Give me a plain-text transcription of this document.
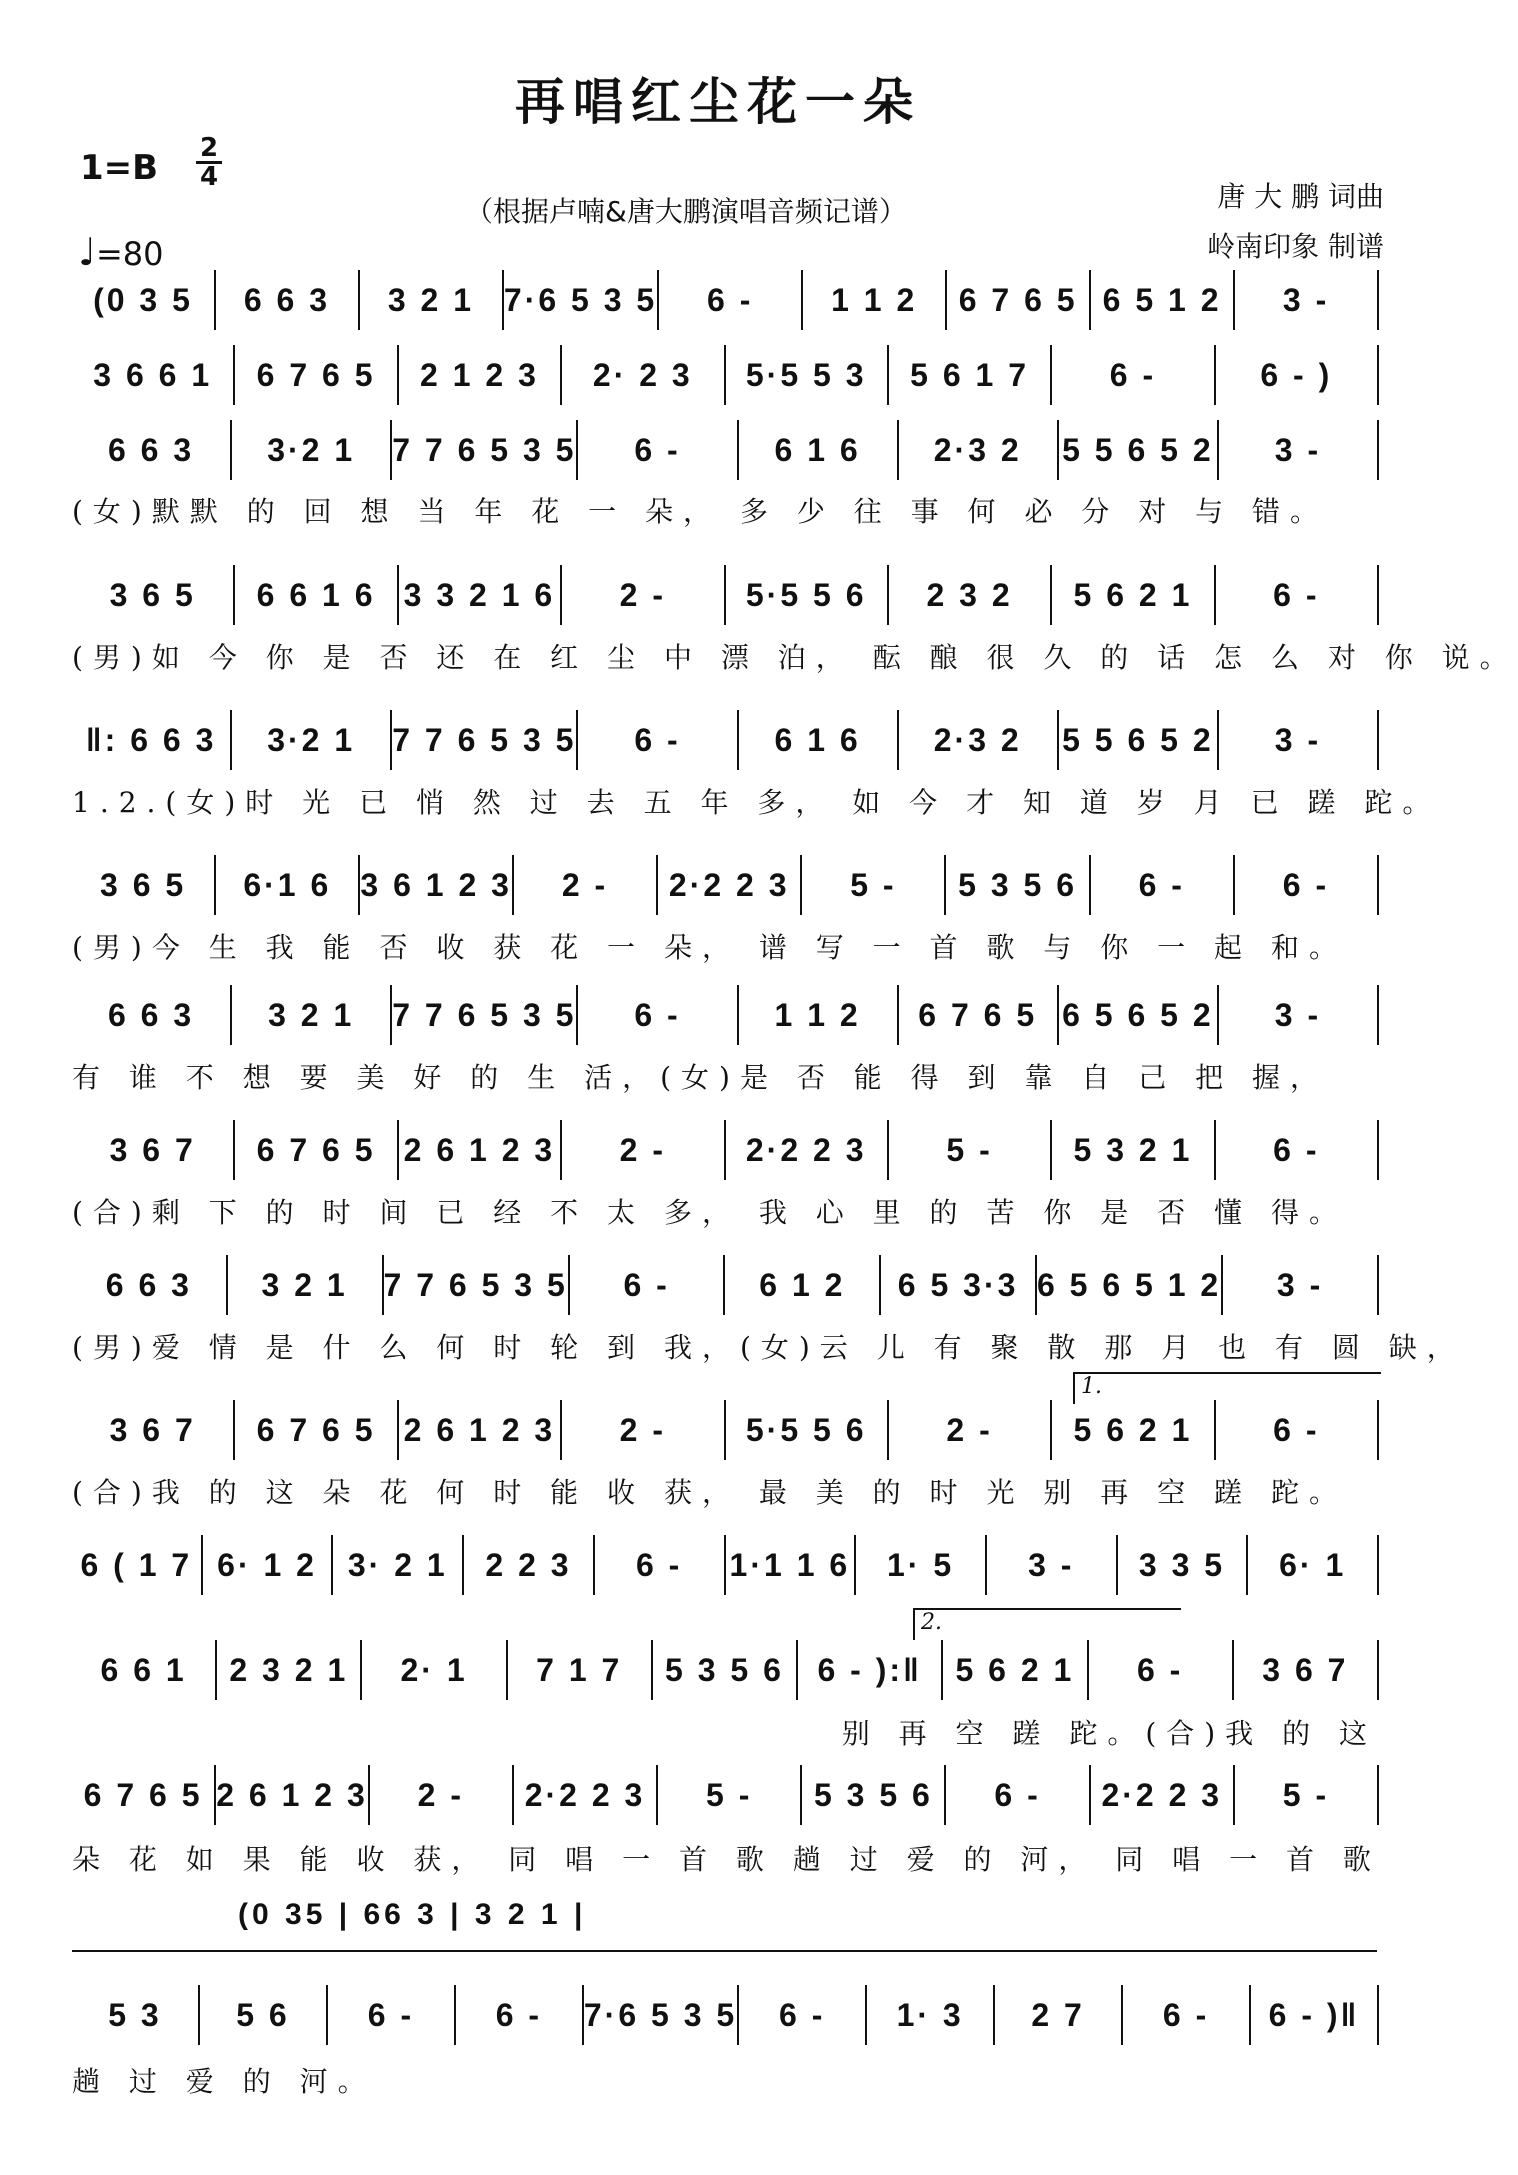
再唱红尘花一朵
1=B 2
4
♩=80
（根据卢喃&唐大鹏演唱音频记谱）	唐 大 鹏 词曲
岭南印象 制谱
(0 3 5	6 6 3	3 2 1 7·6 5 3 5	6 -	1 1 2	6 7 6 5 6 5 1 2	3 -
3 6 6 1	6 7 6 5	2 1 2 3	2· 2 3	5·5 5 3	5 6 1 7	6 -	6 - )
6 6 3	3·2 1	7 7 6 5 3 5	6 -	6 1 6	2·3 2	5 5 6 5 2	3 -
3 6 5	6 6 1 6 3 3 2 1 6	2 -	5·5 5 6	2 3 2	5 6 2 1	6 -
‖: 6 6 3	3·2 1	7 7 6 5 3 5	6 -	6 1 6	2·3 2	5 5 6 5 2	3 -
3 6 5	6·1 6 3 6 1 2 3	2 -	2·2 2 3	5 -	5 3 5 6	6 -	6 -
6 6 3	3 2 1	7 7 6 5 3 5	6 -	1 1 2	6 7 6 5 6 5 6 5 2	3 -
3 6 7	6 7 6 5 2 6 1 2 3	2 -	2·2 2 3	5 -	5 3 2 1	6 -
6 6 3	3 2 1	7 7 6 5 3 5	6 -	6 1 2	6 5 3·3 6 5 6 5 1 2	3 -
3 6 7	6 7 6 5 2 6 1 2 3	2 -	5·5 5 6	2 -	5 6 2 1	6 -
6 ( 1 7 6· 1 2 3· 2 1	2 2 3	6 -	1·1 1 6	1· 5	3 -	3 3 5	6· 1
6 6 1	2 3 2 1	2· 1	7 1 7	5 3 5 6	6 - ):‖	5 6 2 1	6 -	3 6 7
6 7 6 5 2 6 1 2 3	2 -	2·2 2 3	5 -	5 3 5 6	6 -	2·2 2 3	5 -
5 3	5 6	6 -	6 -	7·6 5 3 5	6 -	1· 3	2 7	6 -	6 - )‖
(女)默默 的 回 想 当 年 花 一 朵， 多 少 往 事 何 必 分 对 与 错。
(男)如 今 你 是 否 还 在 红 尘 中 漂 泊， 酝 酿 很 久 的 话 怎 么 对 你 说。
1.2.(女)时 光 已 悄 然 过 去 五 年 多， 如 今 才 知 道 岁 月 已 蹉 跎。
(男)今 生 我 能 否 收 获 花 一 朵， 谱 写 一 首 歌 与 你 一 起 和。
有 谁 不 想 要 美 好 的 生 活，(女)是 否 能 得 到 靠 自 己 把 握，
(合)剩 下 的 时 间 已 经 不 太 多， 我 心 里 的 苦 你 是 否 懂 得。
(男)爱 情 是 什 么 何 时 轮 到 我，(女)云 儿 有 聚 散 那 月 也 有 圆 缺，
(合)我 的 这 朵 花 何 时 能 收 获， 最 美 的 时 光 别 再 空 蹉 跎。
别 再 空 蹉 跎。(合)我 的 这
朵 花 如 果 能 收 获， 同 唱 一 首 歌 趟 过 爱 的 河， 同 唱 一 首 歌
趟 过 爱 的 河。
(0 35 | 66 3 | 3 2 1 |
1.
2.
